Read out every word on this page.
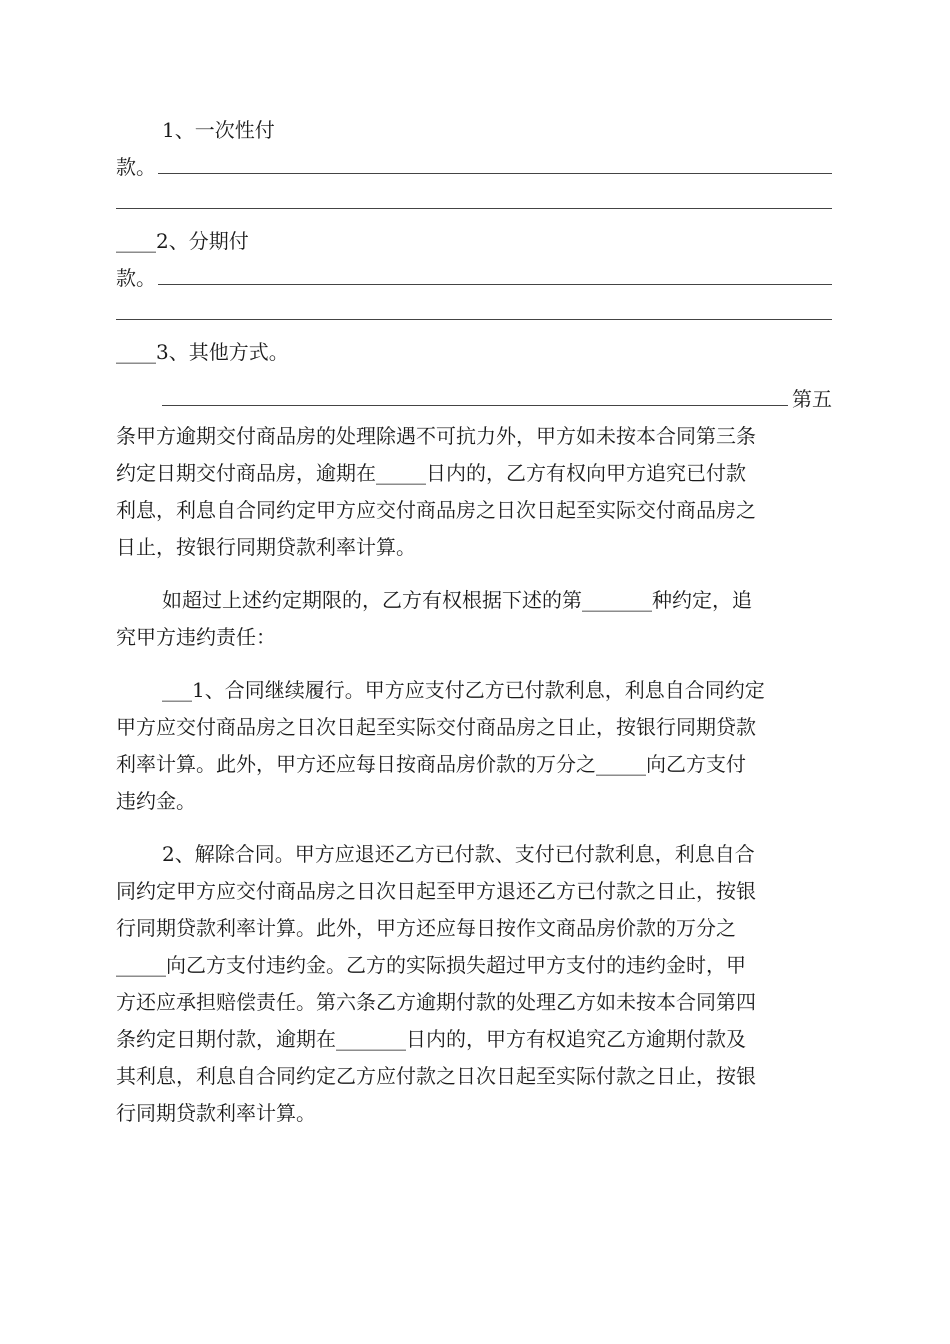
1、一次性付
款。
____2、分期付
款。
____3、其他方式。
第五
条甲方逾期交付商品房的处理除遇不可抗力外，甲方如未按本合同第三条
约定日期交付商品房，逾期在_____日内的，乙方有权向甲方追究已付款
利息，利息自合同约定甲方应交付商品房之日次日起至实际交付商品房之
日止，按银行同期贷款利率计算。
如超过上述约定期限的，乙方有权根据下述的第_______种约定，追
究甲方违约责任：
___1、合同继续履行。甲方应支付乙方已付款利息，利息自合同约定
甲方应交付商品房之日次日起至实际交付商品房之日止，按银行同期贷款
利率计算。此外，甲方还应每日按商品房价款的万分之_____向乙方支付
违约金。
2、解除合同。甲方应退还乙方已付款、支付已付款利息，利息自合
同约定甲方应交付商品房之日次日起至甲方退还乙方已付款之日止，按银
行同期贷款利率计算。此外，甲方还应每日按作文商品房价款的万分之
_____向乙方支付违约金。乙方的实际损失超过甲方支付的违约金时，甲
方还应承担赔偿责任。第六条乙方逾期付款的处理乙方如未按本合同第四
条约定日期付款，逾期在_______日内的，甲方有权追究乙方逾期付款及
其利息，利息自合同约定乙方应付款之日次日起至实际付款之日止，按银
行同期贷款利率计算。
